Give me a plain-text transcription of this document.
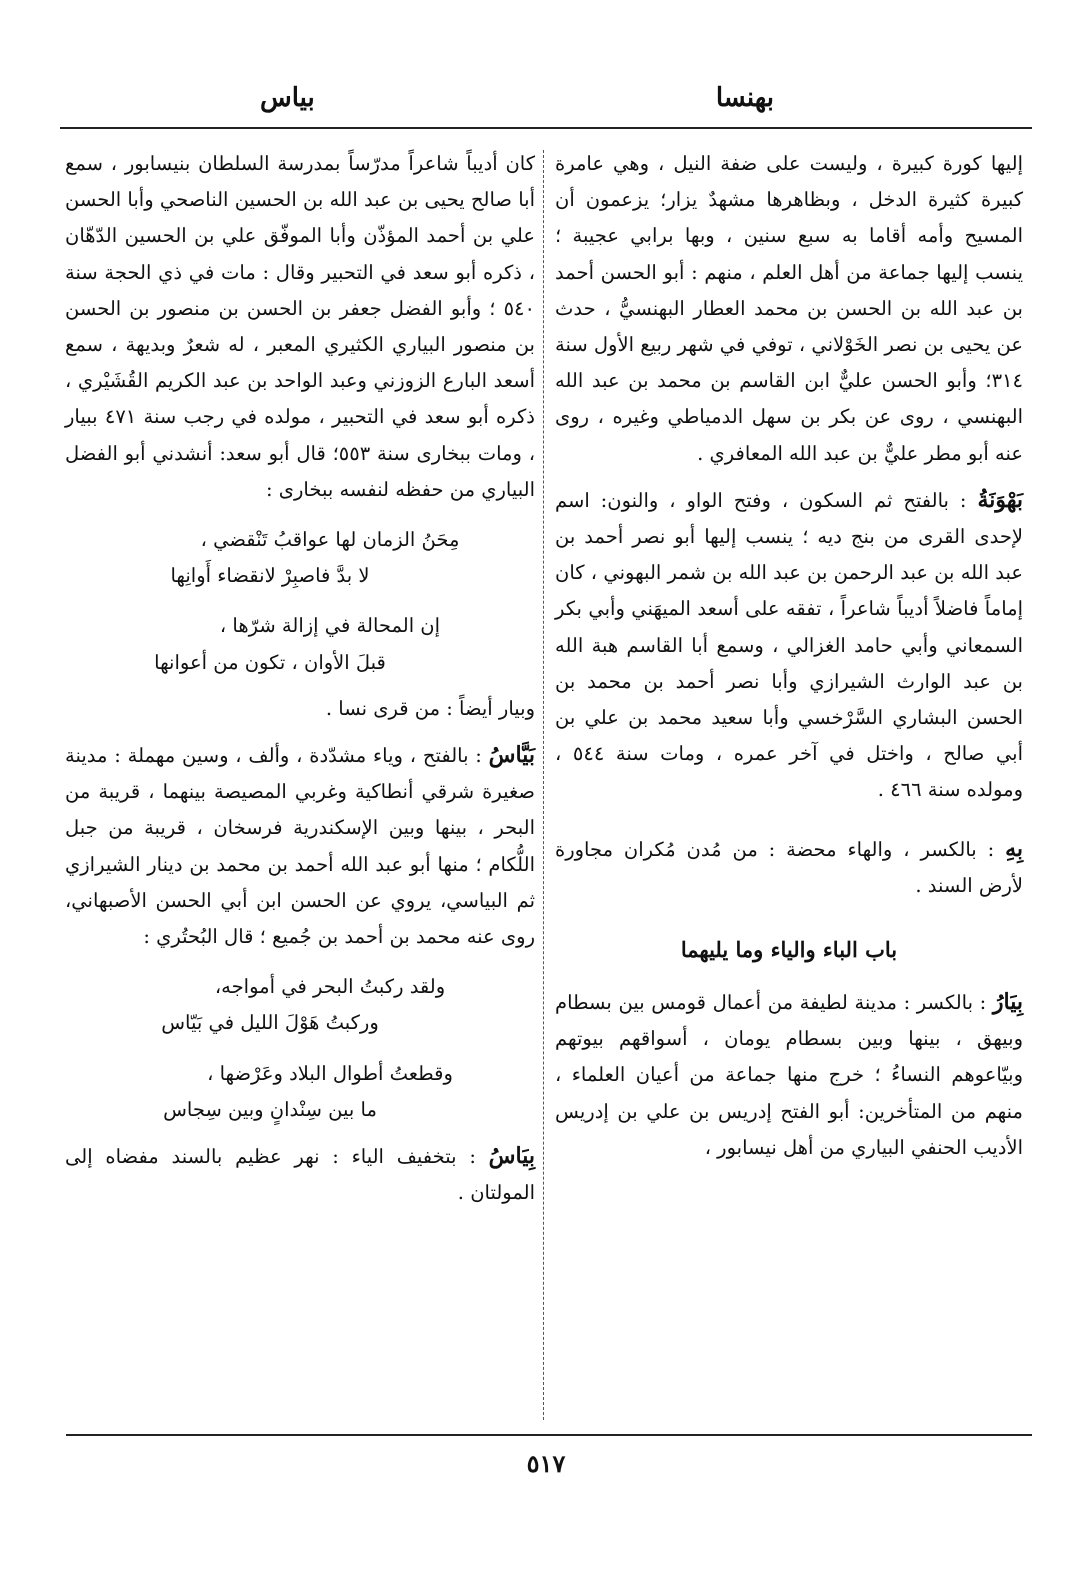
بهنسا
بياس

إليها كورة كبيرة ، وليست على ضفة النيل ، وهي عامرة كبيرة كثيرة الدخل ، وبظاهرها مشهدٌ يزار؛ يزعمون أن المسيح وأمه أقاما به سبع سنين ، وبها برابي عجيبة ؛ ينسب إليها جماعة من أهل العلم ، منهم : أبو الحسن أحمد بن عبد الله بن الحسن بن محمد العطار البهنسيُّ ، حدث عن يحيى بن نصر الخَوْلاني ، توفي في شهر ربيع الأول سنة ٣١٤؛ وأبو الحسن عليٌّ ابن القاسم بن محمد بن عبد الله البهنسي ، روى عن بكر بن سهل الدمياطي وغيره ، روى عنه أبو مطر عليٌّ بن عبد الله المعافري .

بَهْوَنَةُ : بالفتح ثم السكون ، وفتح الواو ، والنون: اسم لإحدى القرى من بنج ديه ؛ ينسب إليها أبو نصر أحمد بن عبد الله بن عبد الرحمن بن عبد الله بن شمر البهوني ، كان إماماً فاضلاً أديباً شاعراً ، تفقه على أسعد الميهَني وأبي بكر السمعاني وأبي حامد الغزالي ، وسمع أبا القاسم هبة الله بن عبد الوارث الشيرازي وأبا نصر أحمد بن محمد بن الحسن البشاري السَّرْخسي وأبا سعيد محمد بن علي بن أبي صالح ، واختل في آخر عمره ، ومات سنة ٥٤٤ ، ومولده سنة ٤٦٦ .

بِهِ : بالكسر ، والهاء محضة : من مُدن مُكران مجاورة لأرض السند .

باب الباء والياء وما يليهما

بِيَارُ : بالكسر : مدينة لطيفة من أعمال قومس بين بسطام وبيهق ، بينها وبين بسطام يومان ، أسواقهم بيوتهم وبيّاعوهم النساءُ ؛ خرج منها جماعة من أعيان العلماء ، منهم من المتأخرين: أبو الفتح إدريس بن علي بن إدريس الأديب الحنفي البياري من أهل نيسابور ،

كان أديباً شاعراً مدرّساً بمدرسة السلطان بنيسابور ، سمع أبا صالح يحيى بن عبد الله بن الحسين الناصحي وأبا الحسن علي بن أحمد المؤذّن وأبا الموفّق علي بن الحسين الدّهّان ، ذكره أبو سعد في التحبير وقال : مات في ذي الحجة سنة ٥٤٠ ؛ وأبو الفضل جعفر بن الحسن بن منصور بن الحسن بن منصور البياري الكثيري المعبر ، له شعرٌ وبديهة ، سمع أسعد البارع الزوزني وعبد الواحد بن عبد الكريم القُشَيْري ، ذكره أبو سعد في التحبير ، مولده في رجب سنة ٤٧١ ببيار ، ومات ببخارى سنة ٥٥٣؛ قال أبو سعد: أنشدني أبو الفضل البياري من حفظه لنفسه ببخارى :

مِحَنُ الزمان لها عواقبُ تَنْقضي ،
لا بدَّ فاصبِرْ لانقضاء أَوانِها
إن المحالة في إزالة شرّها ،
قبلَ الأوان ، تكون من أعوانها

وبيار أيضاً : من قرى نسا .

بَيَّاسُ : بالفتح ، وياء مشدّدة ، وألف ، وسين مهملة : مدينة صغيرة شرقي أنطاكية وغربي المصيصة بينهما ، قريبة من البحر ، بينها وبين الإسكندرية فرسخان ، قريبة من جبل اللُّكام ؛ منها أبو عبد الله أحمد بن محمد بن دينار الشيرازي ثم البياسي، يروي عن الحسن ابن أبي الحسن الأصبهاني، روى عنه محمد بن أحمد بن جُميع ؛ قال البُحتُري :

ولقد ركبتُ البحر في أمواجه،
وركبتُ هَوْلَ الليل في بَيّاس
وقطعتُ أطوال البلاد وعَرْضها ،
ما بين سِنْدانٍ وبين سِجاس

بِيَاسُ : بتخفيف الياء : نهر عظيم بالسند مفضاه إلى المولتان .

٥١٧
